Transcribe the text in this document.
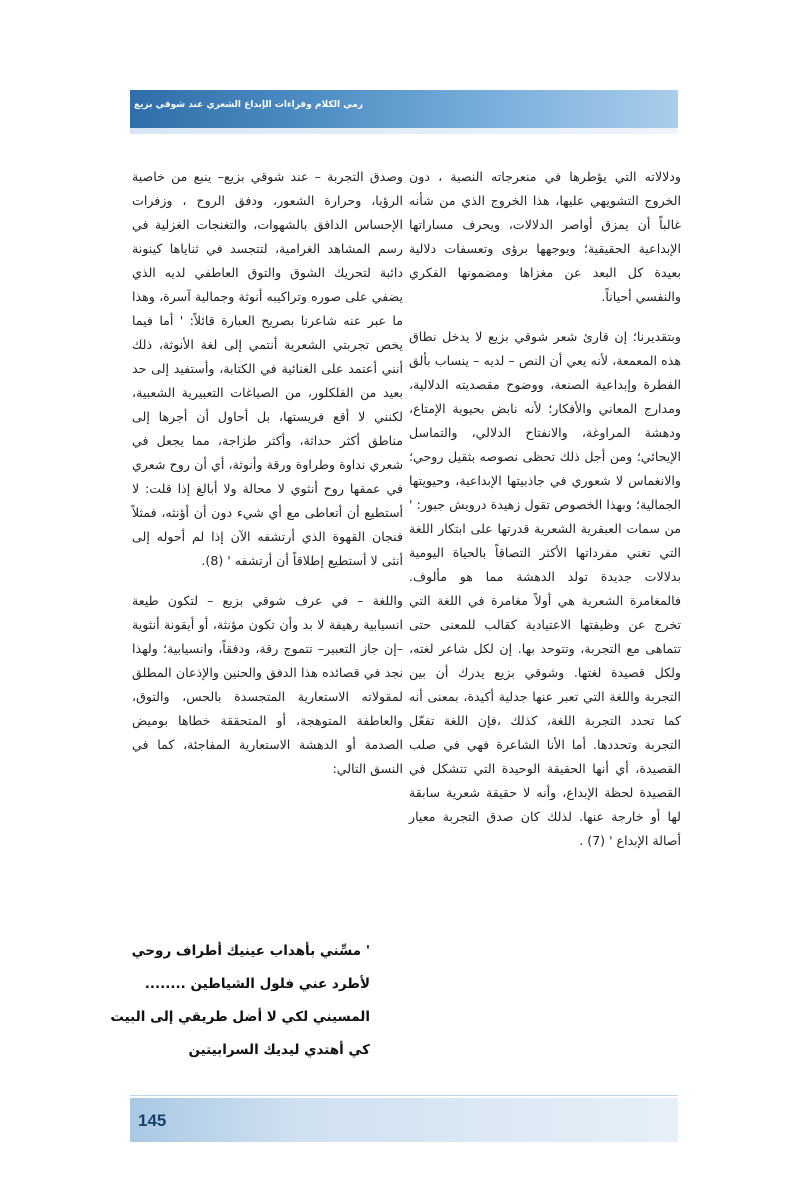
رمي الكلام وقراءات الإبداع الشعري عند شوقي بزيع

ودلالاته التي يؤطرها في منعرجاته النصية ، دون الخروج التشويهي عليها، هذا الخروج الذي من شأنه غالباً أن يمزق أواصر الدلالات، ويحرف مساراتها الإبداعية الحقيقية؛ ويوجهها برؤى وتعسفات دلالية بعيدة كل البعد عن مغزاها ومضمونها الفكري والنفسي أحياناً.

وبتقديرنا؛ إن قارئ شعر شوقي بزيع لا يدخل نطاق هذه المعمعة، لأنه يعي أن النص – لديه – ينساب بألق الفطرة وإبداعية الصنعة، ووضوح مقصديته الدلالية، ومدارج المعاني والأفكار؛ لأنه نابض بحيوية الإمتاع، ودهشة المراوغة، والانفتاح الدلالي، والتماسل الإيحائي؛ ومن أجل ذلك تحظى نصوصه بثقيل روحي؛ والانغماس لا شعوري في جاذبيتها الإبداعية، وحيويتها الجمالية؛ وبهذا الخصوص تقول زهيدة درويش جبور: ' من سمات العبقرية الشعرية قدرتها على ابتكار اللغة التي تغني مفرداتها الأكثر التصاقاً بالحياة اليومية بدلالات جديدة تولد الدهشة مما هو مألوف. فالمغامرة الشعرية هي أولاً مغامرة في اللغة التي تخرج عن وظيفتها الاعتيادية كقالب للمعنى حتى تتماهى مع التجربة، وتتوحد بها. إن لكل شاعر لغته، ولكل قصيدة لغتها. وشوقي بزيع يدرك أن بين التجربة واللغة التي تعبر عنها جدلية أكيدة، بمعنى أنه كما تحدد التجربة اللغة، كذلك ،فإن اللغة تفعّل التجربة وتحددها. أما الأنا الشاعرة فهي في صلب القصيدة، أي أنها الحقيقة الوحيدة التي تتشكل في القصيدة لحظة الإبداع، وأنه لا حقيقة شعرية سابقة لها أو خارجة عنها. لذلك كان صدق التجربة معيار أصالة الإبداع ' (7) .

وصدق التجربة – عند شوقي بزيع– ينبع من خاصية الرؤيا، وحرارة الشعور، ودفق الروح ، وزفرات الإحساس الدافق بالشهوات، والتغنجات الغزلية في رسم المشاهد الغرامية، لتتجسد في ثناياها كينونة دائبة لتحريك الشوق والتوق العاطفي لديه الذي يضفي على صوره وتراكيبه أنوثة وجمالية آسرة، وهذا ما عبر عنه شاعرنا بصريح العبارة قائلاً: ' أما فيما يخص تجربتي الشعرية أنتمي إلى لغة الأنوثة، ذلك أنني أعتمد على الغنائية في الكتابة، وأستفيد إلى حد بعيد من الفلكلور، من الصياغات التعبيرية الشعبية، لكنني لا أقع فريستها، بل أحاول أن أجرها إلى مناطق أكثر حداثة، وأكثر طزاجة، مما يجعل في شعري نداوة وطراوة ورقة وأنوثة، أي أن روح شعري في عمقها روح أنثوي لا محالة ولا أبالغ إذا قلت: لا أستطيع أن أتعاطى مع أي شيء دون أن أؤنثه، فمثلاً فنجان القهوة الذي أرتشفه الآن إذا لم أحوله إلى أنثى لا أستطيع إطلاقاً أن أرتشفه ' (8).

واللغة – في عرف شوقي بزيع – لتكون طيعة انسيابية رهيفة لا بد وأن تكون مؤنثة، أو أيقونة أنثوية –إن جاز التعبير– تتموج رقة، ودفقاً، وانسيابية؛ ولهذا نجد في قصائده هذا الدفق والحنين والإذعان المطلق لمقولاته الاستعارية المتجسدة بالحس، والتوق، والعاطفة المتوهجة، أو المتحققة خطاها بوميض الصدمة أو الدهشة الاستعارية المفاجئة، كما في النسق التالي:

' مسِّني بأهداب عينيك أطراف روحي
لأطرد عني فلول الشياطين ........
المسيني لكي لا أضل طريقي إلى البيت
كي أهتدي ليديك السرابيتين
145
